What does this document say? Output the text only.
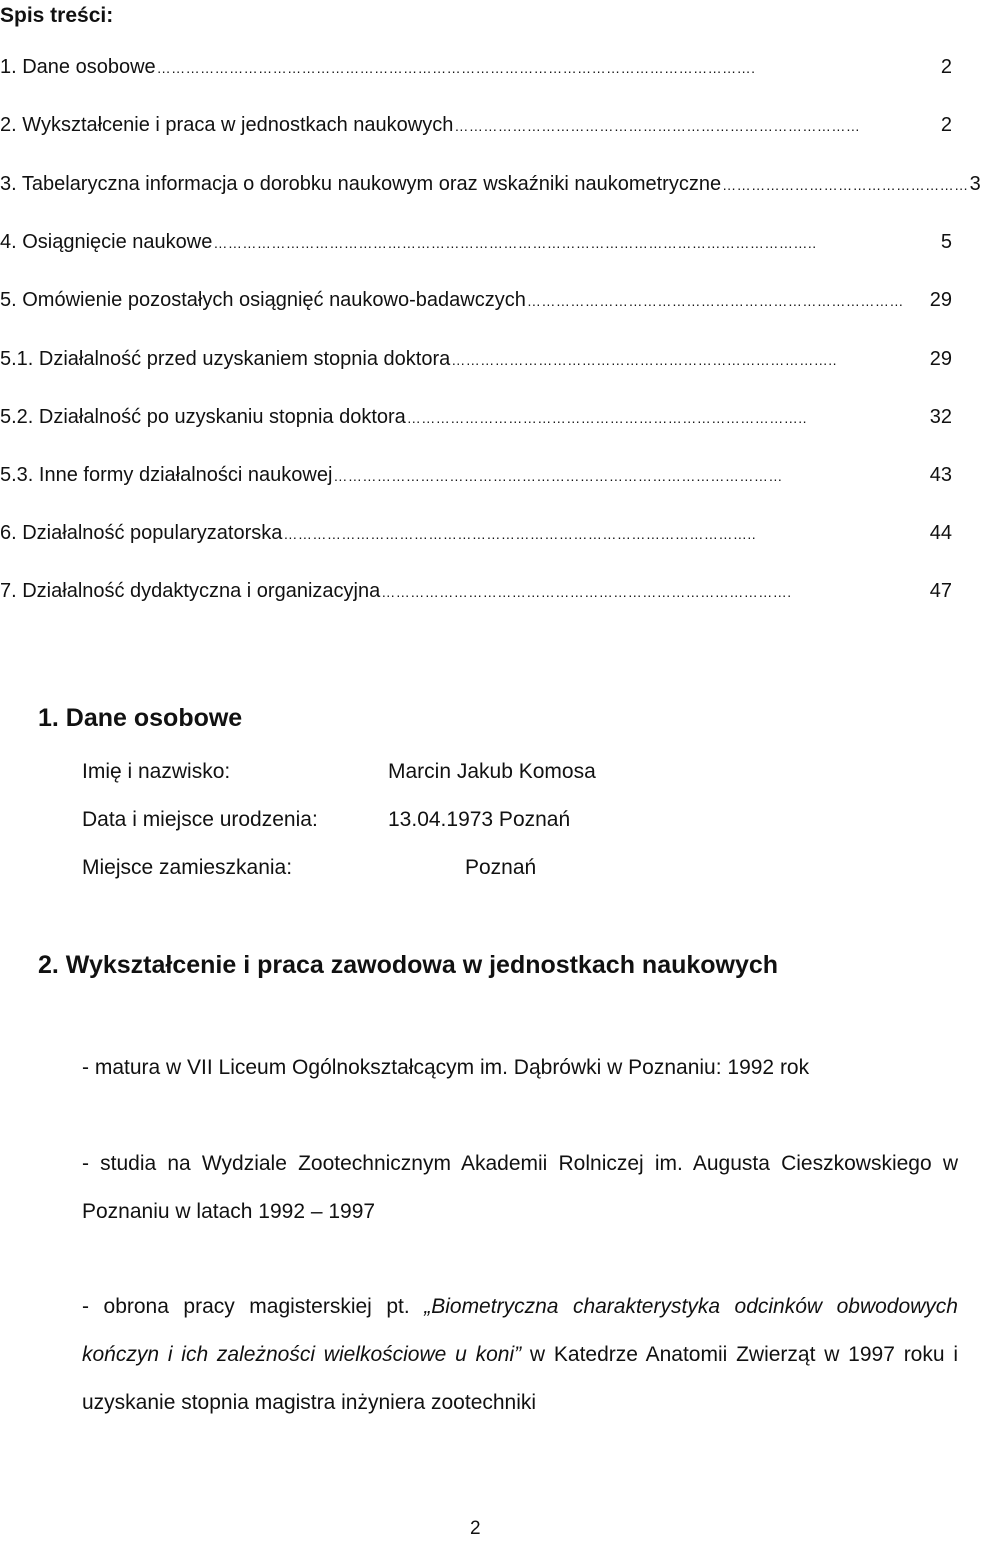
Spis treści:
1. Dane osobowe …………………………………………………………………………………………………………….	2
2. Wykształcenie i praca w jednostkach naukowych …………………………………………………………………………	2
3. Tabelaryczna informacja o dorobku naukowym oraz wskaźniki naukometryczne …………………………………………… 3
4. Osiągnięcie naukowe ……………………………………………………………………………………………………………..	5
5. Omówienie pozostałych osiągnięć naukowo-badawczych ……………………………………………………………………	29
5.1. Działalność przed uzyskaniem stopnia doktora ……………………………………………………………………..	29
5.2. Działalność po uzyskaniu stopnia doktora ………………………………………………………………………..	32
5.3. Inne formy działalności naukowej …………………………………………………………………………………	43
6. Działalność popularyzatorska ……………………………………………………………………………………..	44
7. Działalność dydaktyczna i organizacyjna ………………………………………………………………………….	47
1. Dane osobowe
Imię i nazwisko:	Marcin Jakub Komosa
Data i miejsce urodzenia:	13.04.1973 Poznań
Miejsce zamieszkania:	Poznań
2. Wykształcenie i praca zawodowa w jednostkach naukowych
- matura w VII Liceum Ogólnokształcącym im. Dąbrówki w Poznaniu: 1992 rok
- studia na Wydziale Zootechnicznym Akademii Rolniczej im. Augusta Cieszkowskiego w Poznaniu w latach 1992 – 1997
- obrona pracy magisterskiej pt. „Biometryczna charakterystyka odcinków obwodowych kończyn i ich zależności wielkościowe u koni” w Katedrze Anatomii Zwierząt w 1997 roku i uzyskanie stopnia magistra inżyniera zootechniki
2
